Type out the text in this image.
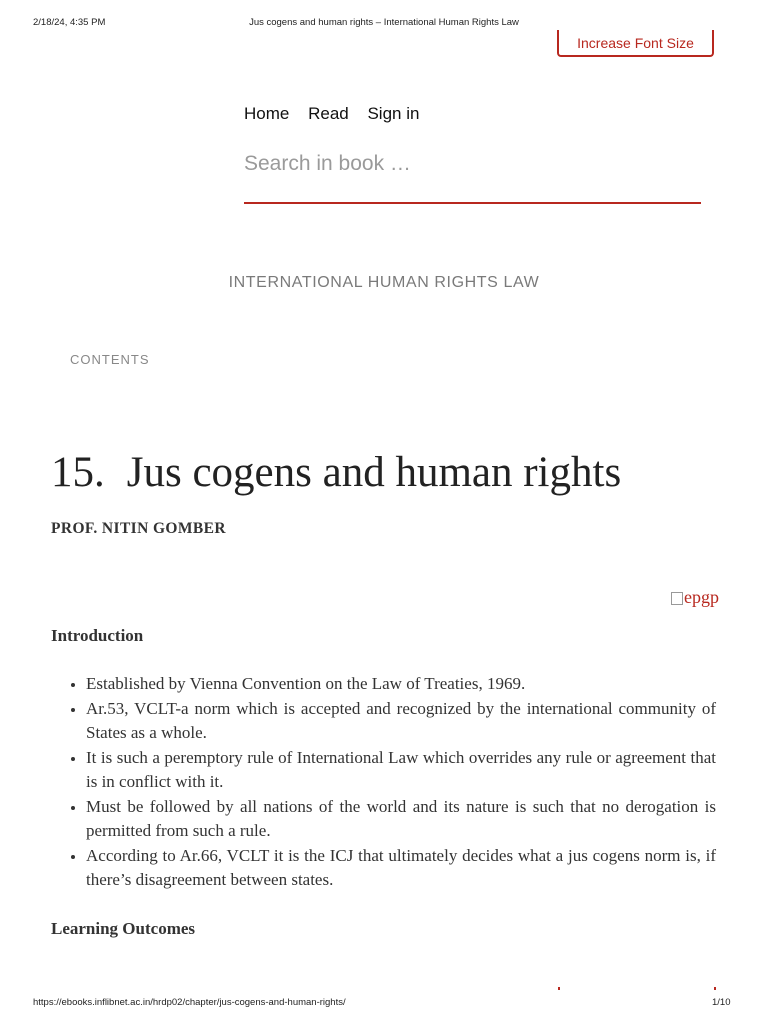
2/18/24, 4:35 PM	Jus cogens and human rights – International Human Rights Law
Increase Font Size
Home Read Sign in
Search in book …
INTERNATIONAL HUMAN RIGHTS LAW
CONTENTS
15. Jus cogens and human rights
PROF. NITIN GOMBER
epgp
Introduction
• Established by Vienna Convention on the Law of Treaties, 1969.
• Ar.53, VCLT-a norm which is accepted and recognized by the international community of States as a whole.
• It is such a peremptory rule of International Law which overrides any rule or agreement that is in conflict with it.
• Must be followed by all nations of the world and its nature is such that no derogation is permitted from such a rule.
• According to Ar.66, VCLT it is the ICJ that ultimately decides what a jus cogens norm is, if there’s disagreement between states.
Learning Outcomes
https://ebooks.inflibnet.ac.in/hrdp02/chapter/jus-cogens-and-human-rights/	1/10
